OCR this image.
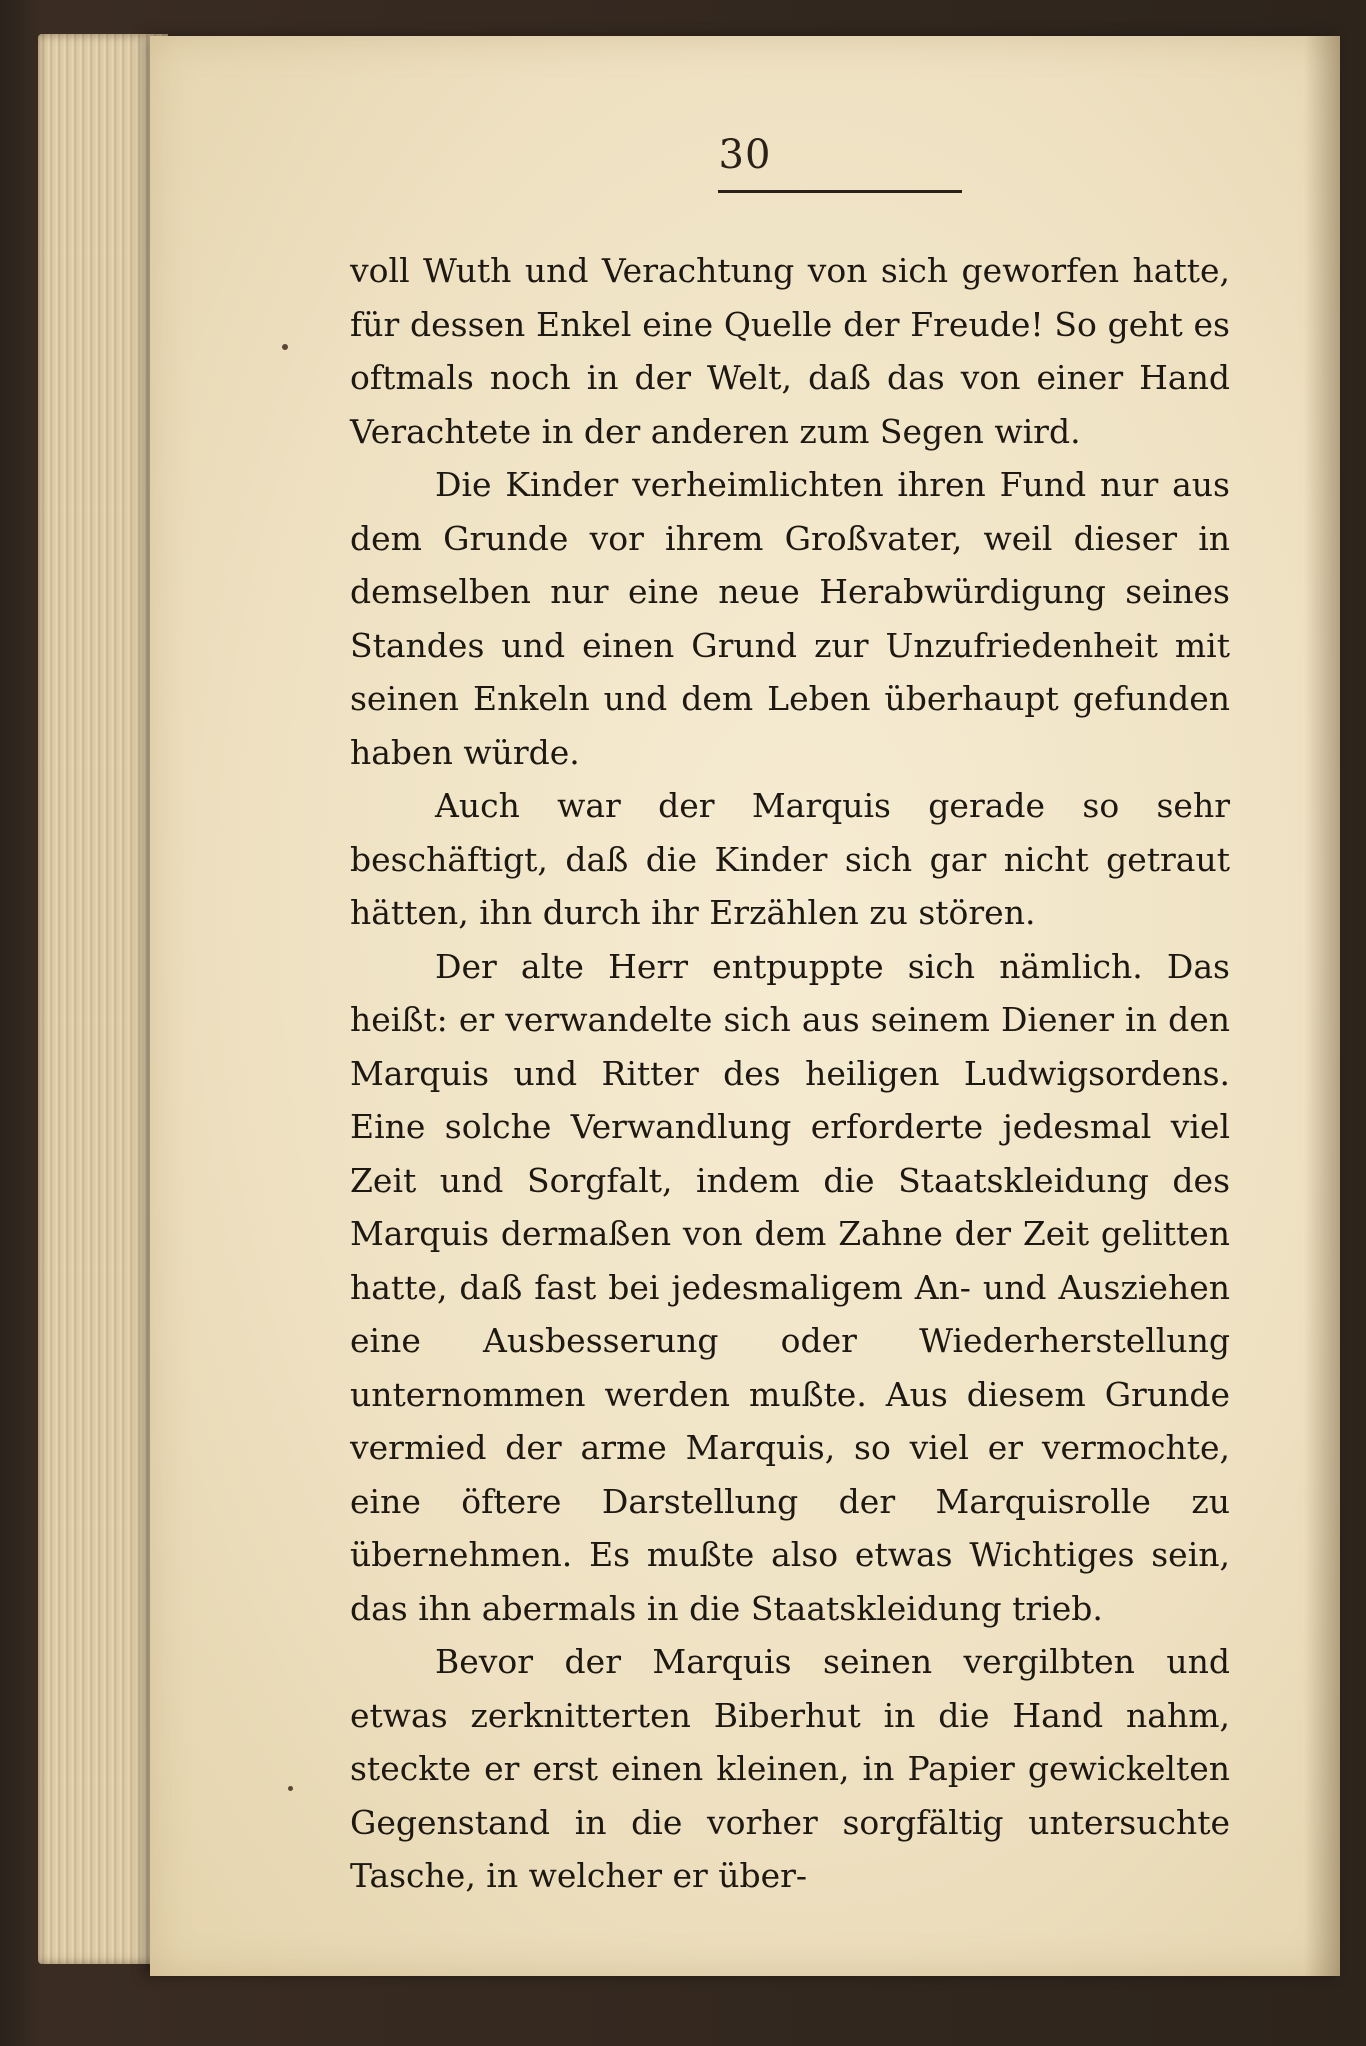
30

voll Wuth und Verachtung von sich geworfen hatte, für dessen Enkel eine Quelle der Freude! So geht es oftmals noch in der Welt, daß das von einer Hand Verachtete in der anderen zum Segen wird.

Die Kinder verheimlichten ihren Fund nur aus dem Grunde vor ihrem Großvater, weil dieser in demselben nur eine neue Herabwürdigung seines Standes und einen Grund zur Unzufriedenheit mit seinen Enkeln und dem Leben überhaupt gefunden haben würde.

Auch war der Marquis gerade so sehr beschäftigt, daß die Kinder sich gar nicht getraut hätten, ihn durch ihr Erzählen zu stören.

Der alte Herr entpuppte sich nämlich. Das heißt: er verwandelte sich aus seinem Diener in den Marquis und Ritter des heiligen Ludwigsordens. Eine solche Verwandlung erforderte jedesmal viel Zeit und Sorgfalt, indem die Staatskleidung des Marquis dermaßen von dem Zahne der Zeit gelitten hatte, daß fast bei jedesmaligem An- und Ausziehen eine Ausbesserung oder Wiederherstellung unternommen werden mußte. Aus diesem Grunde vermied der arme Marquis, so viel er vermochte, eine öftere Darstellung der Marquisrolle zu übernehmen. Es mußte also etwas Wichtiges sein, das ihn abermals in die Staatskleidung trieb.

Bevor der Marquis seinen vergilbten und etwas zerknitterten Biberhut in die Hand nahm, steckte er erst einen kleinen, in Papier gewickelten Gegenstand in die vorher sorgfältig untersuchte Tasche, in welcher er über-
